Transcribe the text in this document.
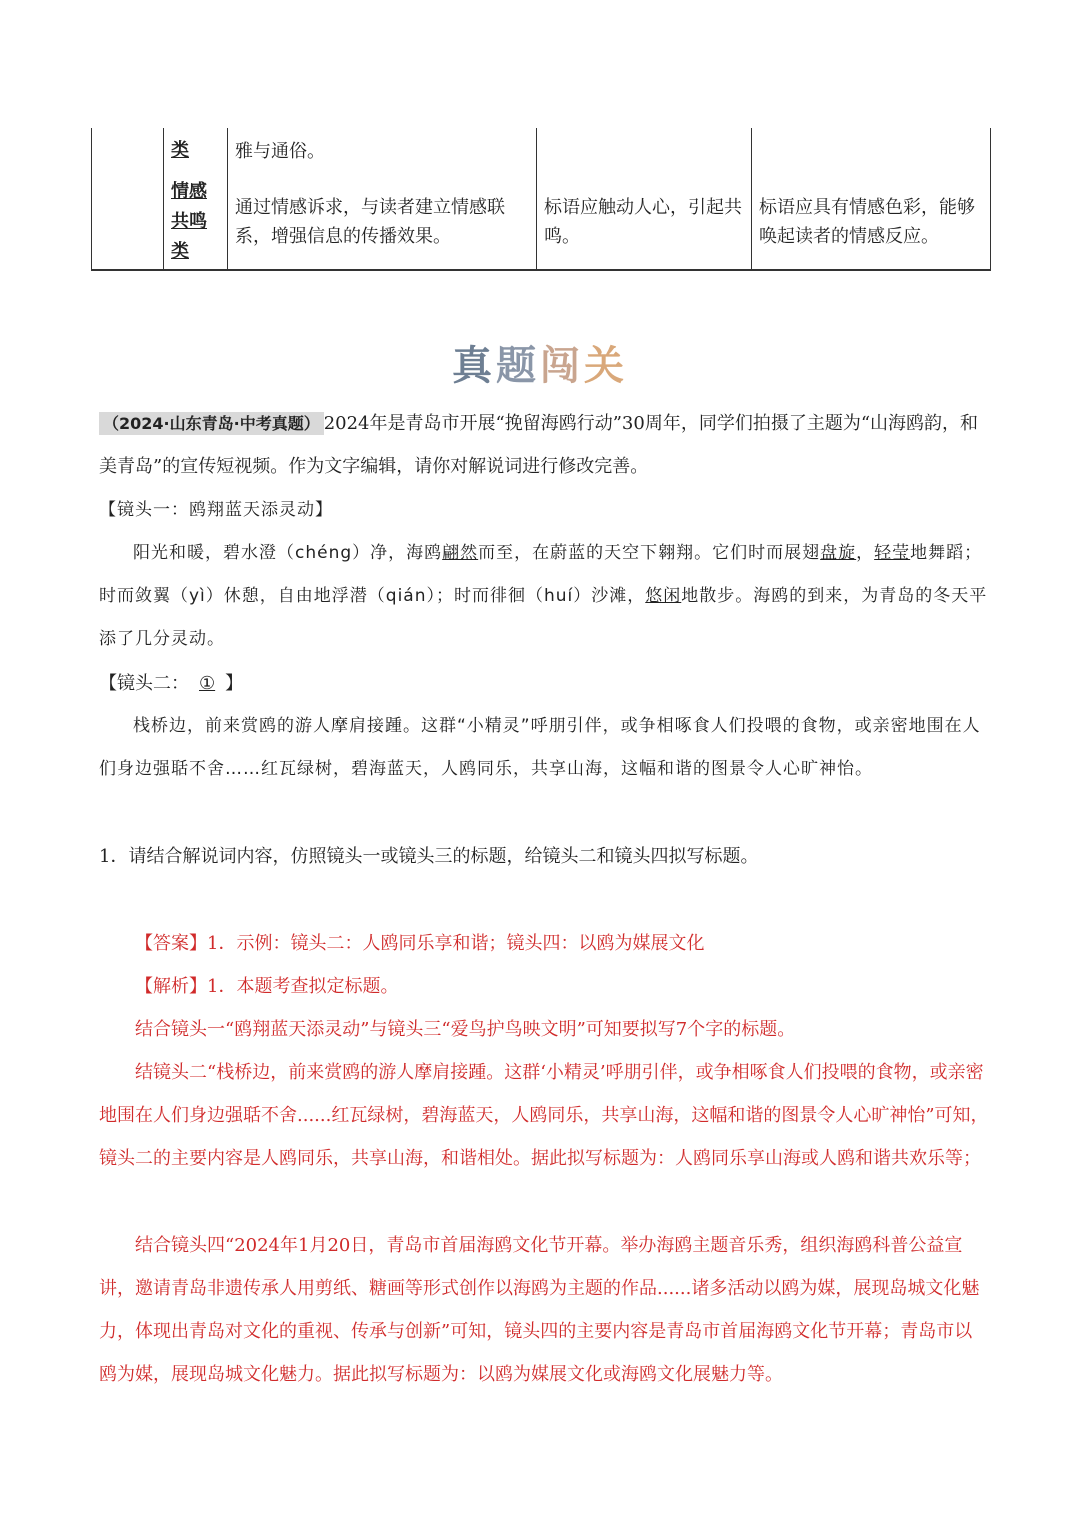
	类	雅与通俗。		
	情感共鸣类	通过情感诉求，与读者建立情感联系，增强信息的传播效果。	标语应触动人心，引起共鸣。	标语应具有情感色彩，能够唤起读者的情感反应。
真题闯关
（2024·山东青岛·中考真题） 2024年是青岛市开展“挽留海鸥行动”30周年，同学们拍摄了主题为“山海鸥韵，和美青岛”的宣传短视频。作为文字编辑，请你对解说词进行修改完善。
【镜头一：鸥翔蓝天添灵动】
阳光和暖，碧水澄（chéng）净，海鸥翩然而至，在蔚蓝的天空下翱翔。它们时而展翅盘旋，轻莹地舞蹈；时而敛翼（yì）休憩，自由地浮潜（qián）；时而徘徊（huí）沙滩，悠闲地散步。海鸥的到来，为青岛的冬天平添了几分灵动。
【镜头二： ① 】
栈桥边，前来赏鸥的游人摩肩接踵。这群“小精灵”呼朋引伴，或争相啄食人们投喂的食物，或亲密地围在人们身边强聒不舍……红瓦绿树，碧海蓝天，人鸥同乐，共享山海，这幅和谐的图景令人心旷神怡。
1．请结合解说词内容，仿照镜头一或镜头三的标题，给镜头二和镜头四拟写标题。
【答案】1．示例：镜头二：人鸥同乐享和谐；镜头四：以鸥为媒展文化
【解析】1．本题考查拟定标题。
结合镜头一“鸥翔蓝天添灵动”与镜头三“爱鸟护鸟映文明”可知要拟写7个字的标题。
结镜头二“栈桥边，前来赏鸥的游人摩肩接踵。这群‘小精灵’呼朋引伴，或争相啄食人们投喂的食物，或亲密地围在人们身边强聒不舍......红瓦绿树，碧海蓝天，人鸥同乐，共享山海，这幅和谐的图景令人心旷神怡”可知，镜头二的主要内容是人鸥同乐，共享山海，和谐相处。据此拟写标题为：人鸥同乐享山海或人鸥和谐共欢乐等；
结合镜头四“2024年1月20日，青岛市首届海鸥文化节开幕。举办海鸥主题音乐秀，组织海鸥科普公益宣讲，邀请青岛非遗传承人用剪纸、糖画等形式创作以海鸥为主题的作品......诸多活动以鸥为媒，展现岛城文化魅力，体现出青岛对文化的重视、传承与创新”可知，镜头四的主要内容是青岛市首届海鸥文化节开幕；青岛市以鸥为媒，展现岛城文化魅力。据此拟写标题为：以鸥为媒展文化或海鸥文化展魅力等。
